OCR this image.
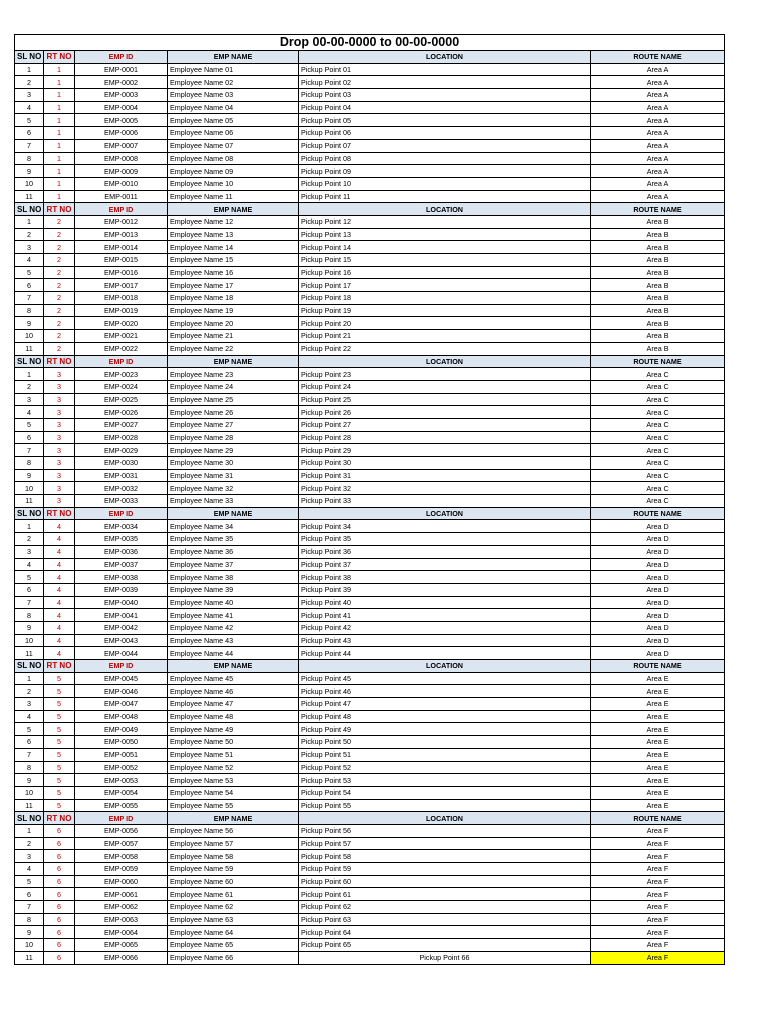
Drop 00-00-0000 to 00-00-0000					
SL NO	RT NO	EMP ID	EMP NAME	LOCATION	ROUTE NAME
1	1	EMP-0001	Employee Name 01	Pickup Point 01	Area A
2	1	EMP-0002	Employee Name 02	Pickup Point 02	Area A
3	1	EMP-0003	Employee Name 03	Pickup Point 03	Area A
4	1	EMP-0004	Employee Name 04	Pickup Point 04	Area A
5	1	EMP-0005	Employee Name 05	Pickup Point 05	Area A
6	1	EMP-0006	Employee Name 06	Pickup Point 06	Area A
7	1	EMP-0007	Employee Name 07	Pickup Point 07	Area A
8	1	EMP-0008	Employee Name 08	Pickup Point 08	Area A
9	1	EMP-0009	Employee Name 09	Pickup Point 09	Area A
10	1	EMP-0010	Employee Name 10	Pickup Point 10	Area A
11	1	EMP-0011	Employee Name 11	Pickup Point 11	Area A
SL NO	RT NO	EMP ID	EMP NAME	LOCATION	ROUTE NAME
1	2	EMP-0012	Employee Name 12	Pickup Point 12	Area B
2	2	EMP-0013	Employee Name 13	Pickup Point 13	Area B
3	2	EMP-0014	Employee Name 14	Pickup Point 14	Area B
4	2	EMP-0015	Employee Name 15	Pickup Point 15	Area B
5	2	EMP-0016	Employee Name 16	Pickup Point 16	Area B
6	2	EMP-0017	Employee Name 17	Pickup Point 17	Area B
7	2	EMP-0018	Employee Name 18	Pickup Point 18	Area B
8	2	EMP-0019	Employee Name 19	Pickup Point 19	Area B
9	2	EMP-0020	Employee Name 20	Pickup Point 20	Area B
10	2	EMP-0021	Employee Name 21	Pickup Point 21	Area B
11	2	EMP-0022	Employee Name 22	Pickup Point 22	Area B
SL NO	RT NO	EMP ID	EMP NAME	LOCATION	ROUTE NAME
1	3	EMP-0023	Employee Name 23	Pickup Point 23	Area C
2	3	EMP-0024	Employee Name 24	Pickup Point 24	Area C
3	3	EMP-0025	Employee Name 25	Pickup Point 25	Area C
4	3	EMP-0026	Employee Name 26	Pickup Point 26	Area C
5	3	EMP-0027	Employee Name 27	Pickup Point 27	Area C
6	3	EMP-0028	Employee Name 28	Pickup Point 28	Area C
7	3	EMP-0029	Employee Name 29	Pickup Point 29	Area C
8	3	EMP-0030	Employee Name 30	Pickup Point 30	Area C
9	3	EMP-0031	Employee Name 31	Pickup Point 31	Area C
10	3	EMP-0032	Employee Name 32	Pickup Point 32	Area C
11	3	EMP-0033	Employee Name 33	Pickup Point 33	Area C
SL NO	RT NO	EMP ID	EMP NAME	LOCATION	ROUTE NAME
1	4	EMP-0034	Employee Name 34	Pickup Point 34	Area D
2	4	EMP-0035	Employee Name 35	Pickup Point 35	Area D
3	4	EMP-0036	Employee Name 36	Pickup Point 36	Area D
4	4	EMP-0037	Employee Name 37	Pickup Point 37	Area D
5	4	EMP-0038	Employee Name 38	Pickup Point 38	Area D
6	4	EMP-0039	Employee Name 39	Pickup Point 39	Area D
7	4	EMP-0040	Employee Name 40	Pickup Point 40	Area D
8	4	EMP-0041	Employee Name 41	Pickup Point 41	Area D
9	4	EMP-0042	Employee Name 42	Pickup Point 42	Area D
10	4	EMP-0043	Employee Name 43	Pickup Point 43	Area D
11	4	EMP-0044	Employee Name 44	Pickup Point 44	Area D
SL NO	RT NO	EMP ID	EMP NAME	LOCATION	ROUTE NAME
1	5	EMP-0045	Employee Name 45	Pickup Point 45	Area E
2	5	EMP-0046	Employee Name 46	Pickup Point 46	Area E
3	5	EMP-0047	Employee Name 47	Pickup Point 47	Area E
4	5	EMP-0048	Employee Name 48	Pickup Point 48	Area E
5	5	EMP-0049	Employee Name 49	Pickup Point 49	Area E
6	5	EMP-0050	Employee Name 50	Pickup Point 50	Area E
7	5	EMP-0051	Employee Name 51	Pickup Point 51	Area E
8	5	EMP-0052	Employee Name 52	Pickup Point 52	Area E
9	5	EMP-0053	Employee Name 53	Pickup Point 53	Area E
10	5	EMP-0054	Employee Name 54	Pickup Point 54	Area E
11	5	EMP-0055	Employee Name 55	Pickup Point 55	Area E
SL NO	RT NO	EMP ID	EMP NAME	LOCATION	ROUTE NAME
1	6	EMP-0056	Employee Name 56	Pickup Point 56	Area F
2	6	EMP-0057	Employee Name 57	Pickup Point 57	Area F
3	6	EMP-0058	Employee Name 58	Pickup Point 58	Area F
4	6	EMP-0059	Employee Name 59	Pickup Point 59	Area F
5	6	EMP-0060	Employee Name 60	Pickup Point 60	Area F
6	6	EMP-0061	Employee Name 61	Pickup Point 61	Area F
7	6	EMP-0062	Employee Name 62	Pickup Point 62	Area F
8	6	EMP-0063	Employee Name 63	Pickup Point 63	Area F
9	6	EMP-0064	Employee Name 64	Pickup Point 64	Area F
10	6	EMP-0065	Employee Name 65	Pickup Point 65	Area F
11	6	EMP-0066	Employee Name 66	Pickup Point 66	Area F
